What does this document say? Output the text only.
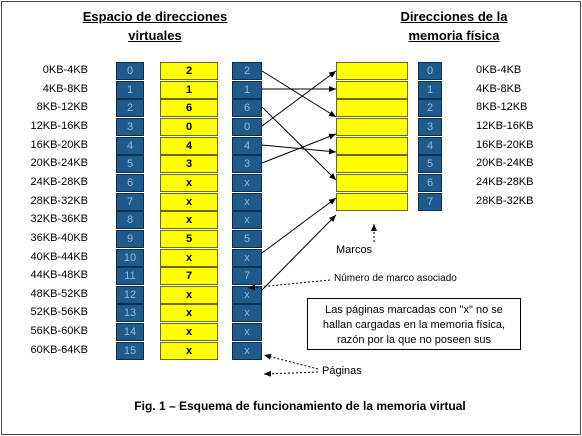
Espacio de direcciones
virtuales
Direcciones de la
memoria física
0KB-4KB	0	2	2
4KB-8KB	1	1	1
8KB-12KB	2	6	6
12KB-16KB	3	0	0
16KB-20KB	4	4	4
20KB-24KB	5	3	3
24KB-28KB	6	x	x
28KB-32KB	7	x	x
32KB-36KB	8	x	x
36KB-40KB	9	5	5
40KB-44KB	10	x	x
44KB-48KB	11	7	7
48KB-52KB	12	x	x
52KB-56KB	13	x	x
56KB-60KB	14	x	x
60KB-64KB	15	x	x
0	0KB-4KB
1	4KB-8KB
2	8KB-12KB
3	12KB-16KB
4	16KB-20KB
5	20KB-24KB
6	24KB-28KB
7	28KB-32KB
Marcos
Número de marco asociado
Páginas
Las páginas marcadas con "x" no se
hallan cargadas en la memoria física,
razón por la que no poseen sus
Fig. 1 – Esquema de funcionamiento de la memoria virtual
